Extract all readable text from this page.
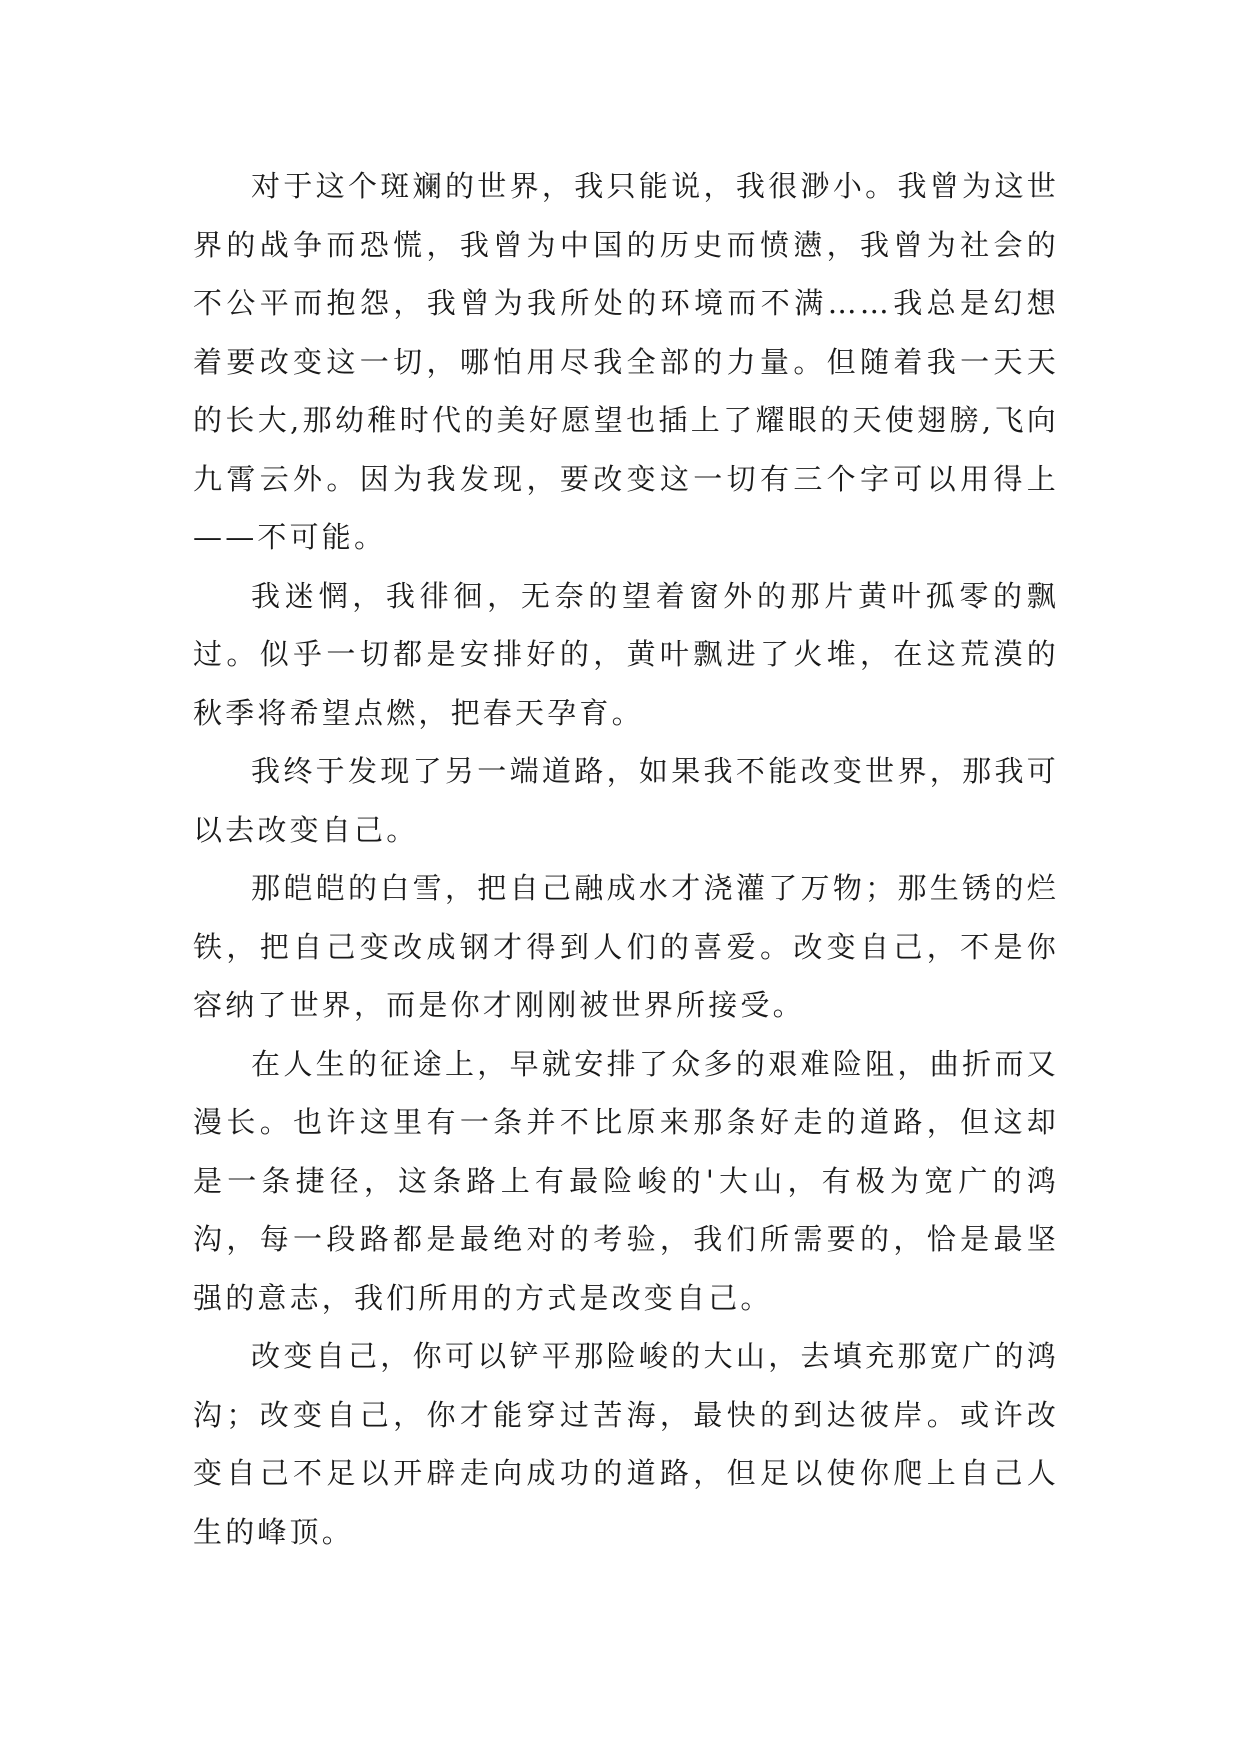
对于这个斑斓的世界，我只能说，我很渺小。我曾为这世界的战争而恐慌，我曾为中国的历史而愤懑，我曾为社会的不公平而抱怨，我曾为我所处的环境而不满……我总是幻想着要改变这一切，哪怕用尽我全部的力量。但随着我一天天的长大,那幼稚时代的美好愿望也插上了耀眼的天使翅膀,飞向九霄云外。因为我发现，要改变这一切有三个字可以用得上——不可能。

我迷惘，我徘徊，无奈的望着窗外的那片黄叶孤零的飘过。似乎一切都是安排好的，黄叶飘进了火堆，在这荒漠的秋季将希望点燃，把春天孕育。

我终于发现了另一端道路，如果我不能改变世界，那我可以去改变自己。

那皑皑的白雪，把自己融成水才浇灌了万物；那生锈的烂铁，把自己变改成钢才得到人们的喜爱。改变自己，不是你容纳了世界，而是你才刚刚被世界所接受。

在人生的征途上，早就安排了众多的艰难险阻，曲折而又漫长。也许这里有一条并不比原来那条好走的道路，但这却是一条捷径，这条路上有最险峻的'大山，有极为宽广的鸿沟，每一段路都是最绝对的考验，我们所需要的，恰是最坚强的意志，我们所用的方式是改变自己。

改变自己，你可以铲平那险峻的大山，去填充那宽广的鸿沟；改变自己，你才能穿过苦海，最快的到达彼岸。或许改变自己不足以开辟走向成功的道路，但足以使你爬上自己人生的峰顶。
